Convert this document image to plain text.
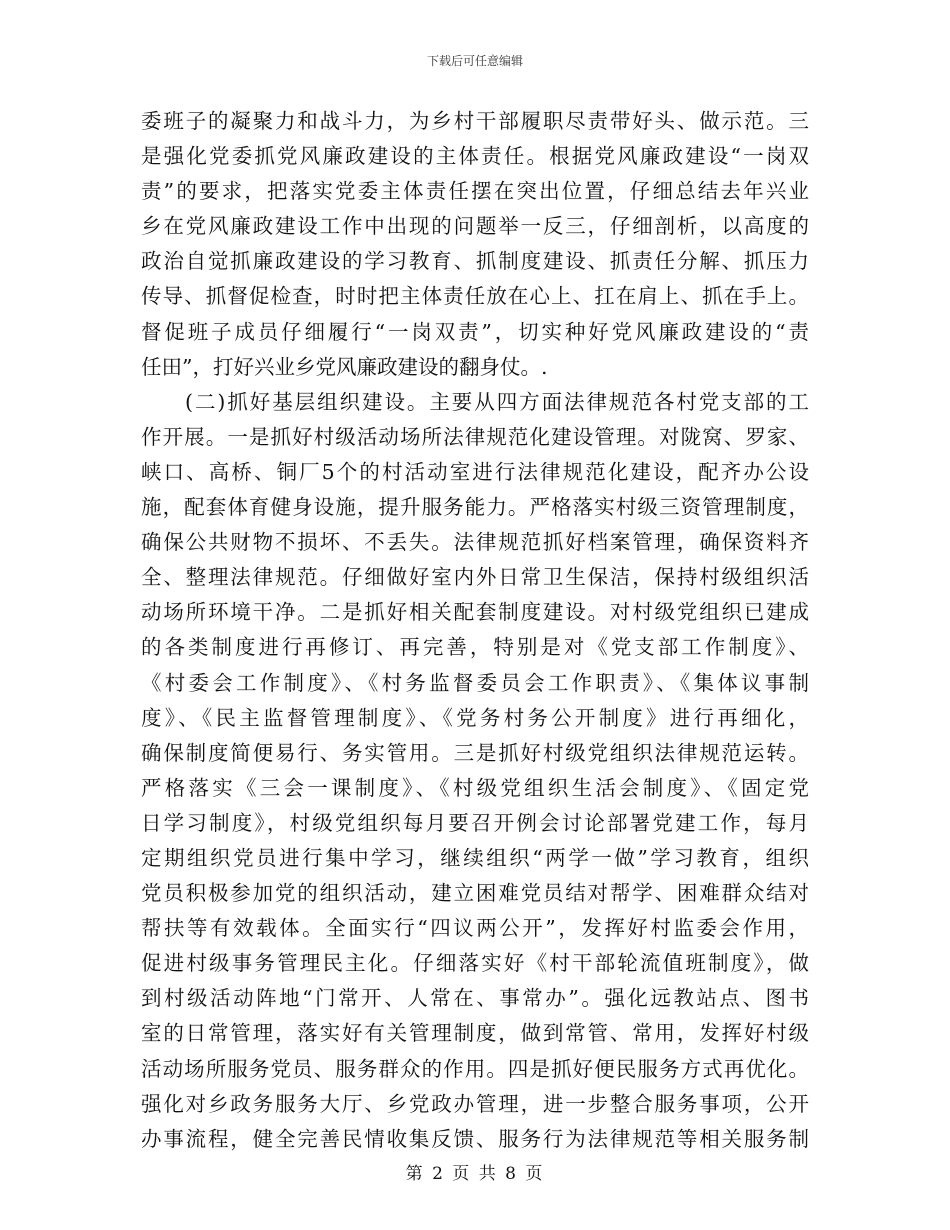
下载后可任意编辑
委班子的凝聚力和战斗力，为乡村干部履职尽责带好头、做示范。三
是强化党委抓党风廉政建设的主体责任。根据党风廉政建设“一岗双
责”的要求，把落实党委主体责任摆在突出位置，仔细总结去年兴业
乡在党风廉政建设工作中出现的问题举一反三，仔细剖析，以高度的
政治自觉抓廉政建设的学习教育、抓制度建设、抓责任分解、抓压力
传导、抓督促检查，时时把主体责任放在心上、扛在肩上、抓在手上。
督促班子成员仔细履行“一岗双责”，切实种好党风廉政建设的“责
任田”，打好兴业乡党风廉政建设的翻身仗。.
(二)抓好基层组织建设。主要从四方面法律规范各村党支部的工
作开展。一是抓好村级活动场所法律规范化建设管理。对陇窝、罗家、
峡口、高桥、铜厂5个的村活动室进行法律规范化建设，配齐办公设
施，配套体育健身设施，提升服务能力。严格落实村级三资管理制度，
确保公共财物不损坏、不丢失。法律规范抓好档案管理，确保资料齐
全、整理法律规范。仔细做好室内外日常卫生保洁，保持村级组织活
动场所环境干净。二是抓好相关配套制度建设。对村级党组织已建成
的各类制度进行再修订、再完善，特别是对《党支部工作制度》、
《村委会工作制度》、《村务监督委员会工作职责》、《集体议事制
度》、《民主监督管理制度》、《党务村务公开制度》进行再细化，
确保制度简便易行、务实管用。三是抓好村级党组织法律规范运转。
严格落实《三会一课制度》、《村级党组织生活会制度》、《固定党
日学习制度》，村级党组织每月要召开例会讨论部署党建工作，每月
定期组织党员进行集中学习，继续组织“两学一做”学习教育，组织
党员积极参加党的组织活动，建立困难党员结对帮学、困难群众结对
帮扶等有效载体。全面实行“四议两公开”，发挥好村监委会作用，
促进村级事务管理民主化。仔细落实好《村干部轮流值班制度》，做
到村级活动阵地“门常开、人常在、事常办”。强化远教站点、图书
室的日常管理，落实好有关管理制度，做到常管、常用，发挥好村级
活动场所服务党员、服务群众的作用。四是抓好便民服务方式再优化。
强化对乡政务服务大厅、乡党政办管理，进一步整合服务事项，公开
办事流程，健全完善民情收集反馈、服务行为法律规范等相关服务制
第 2 页 共 8 页
